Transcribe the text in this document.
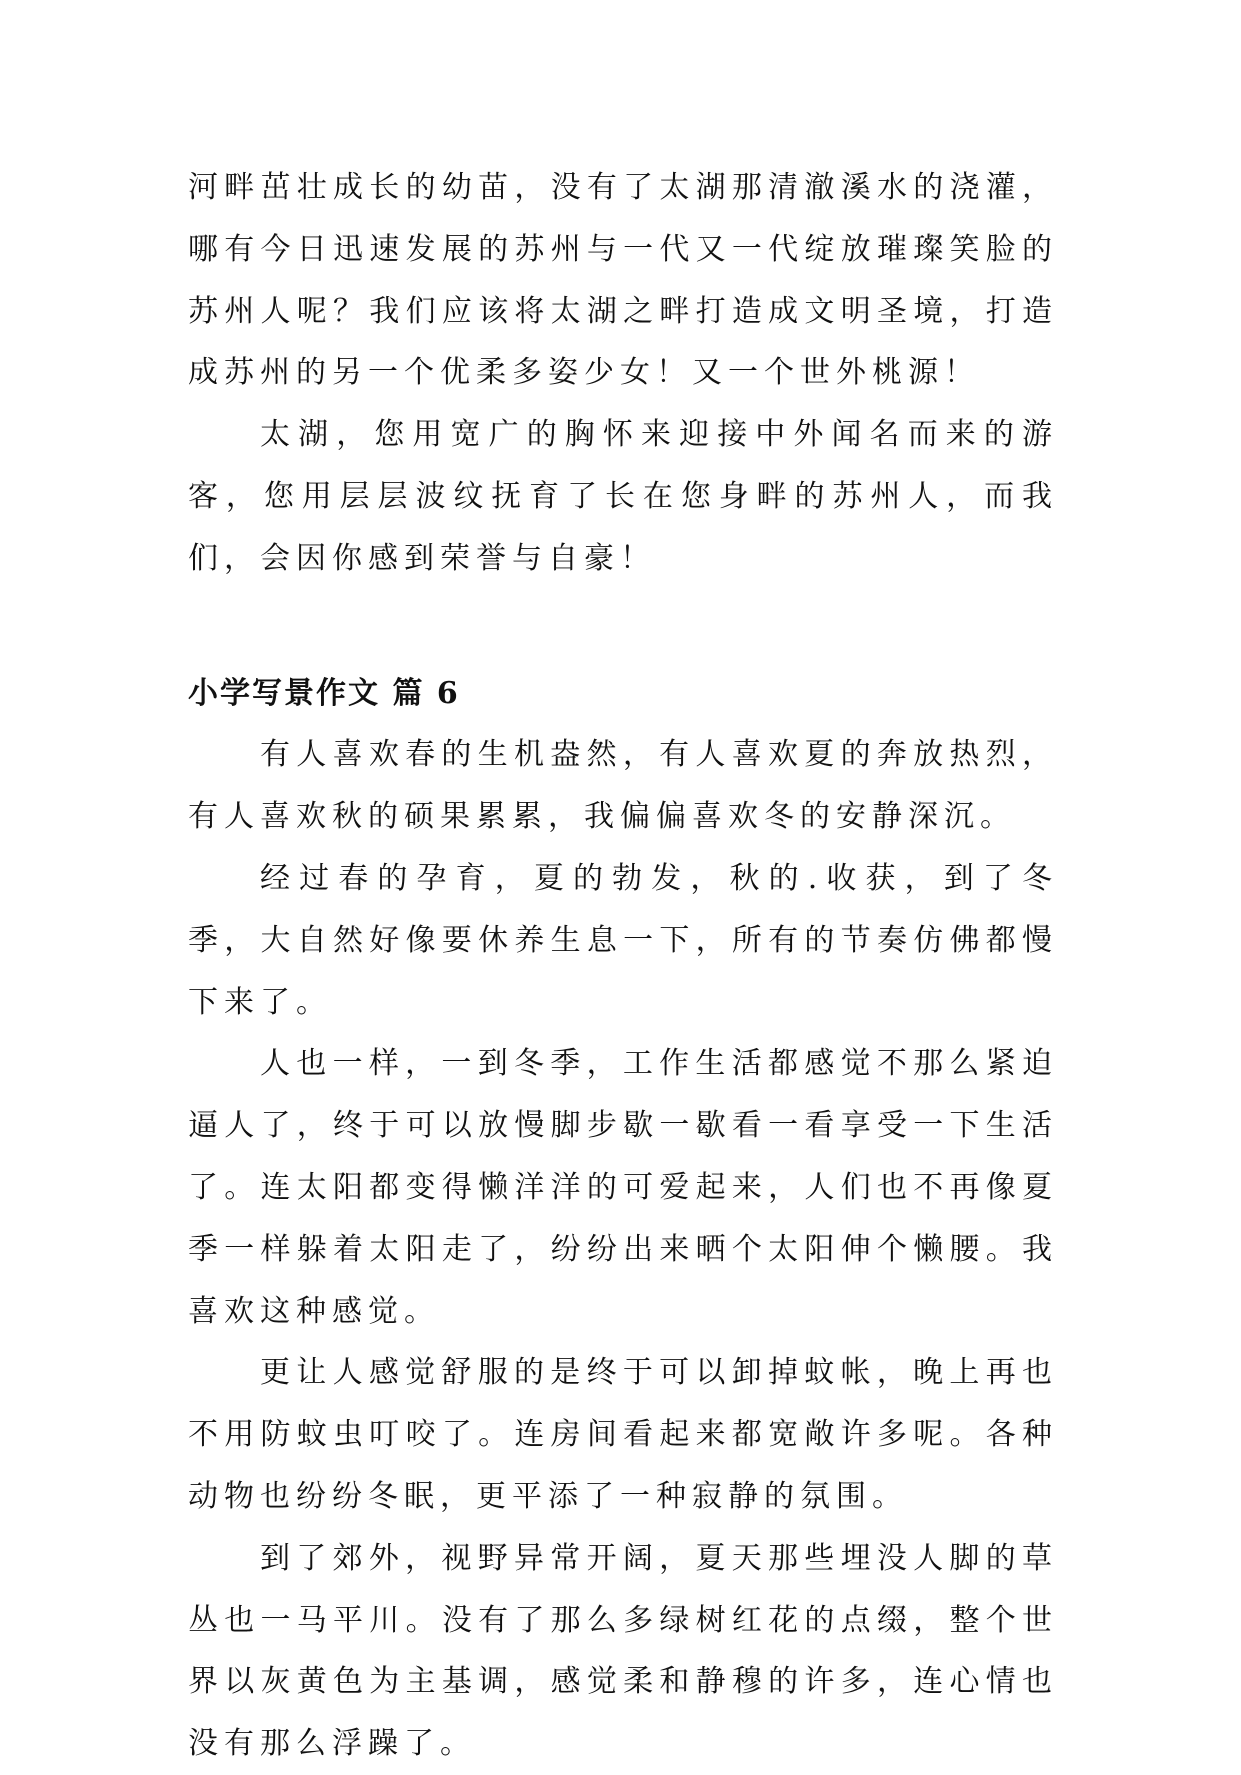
河畔茁壮成长的幼苗，没有了太湖那清澈溪水的浇灌，哪有今日迅速发展的苏州与一代又一代绽放璀璨笑脸的苏州人呢？我们应该将太湖之畔打造成文明圣境，打造成苏州的另一个优柔多姿少女！又一个世外桃源！

太湖，您用宽广的胸怀来迎接中外闻名而来的游客，您用层层波纹抚育了长在您身畔的苏州人，而我们，会因你感到荣誉与自豪！

小学写景作文 篇 6

有人喜欢春的生机盎然，有人喜欢夏的奔放热烈，有人喜欢秋的硕果累累，我偏偏喜欢冬的安静深沉。

经过春的孕育，夏的勃发，秋的.收获，到了冬季，大自然好像要休养生息一下，所有的节奏仿佛都慢下来了。

人也一样，一到冬季，工作生活都感觉不那么紧迫逼人了，终于可以放慢脚步歇一歇看一看享受一下生活了。连太阳都变得懒洋洋的可爱起来，人们也不再像夏季一样躲着太阳走了，纷纷出来晒个太阳伸个懒腰。我喜欢这种感觉。

更让人感觉舒服的是终于可以卸掉蚊帐，晚上再也不用防蚊虫叮咬了。连房间看起来都宽敞许多呢。各种动物也纷纷冬眠，更平添了一种寂静的氛围。

到了郊外，视野异常开阔，夏天那些埋没人脚的草丛也一马平川。没有了那么多绿树红花的点缀，整个世界以灰黄色为主基调，感觉柔和静穆的许多，连心情也没有那么浮躁了。
